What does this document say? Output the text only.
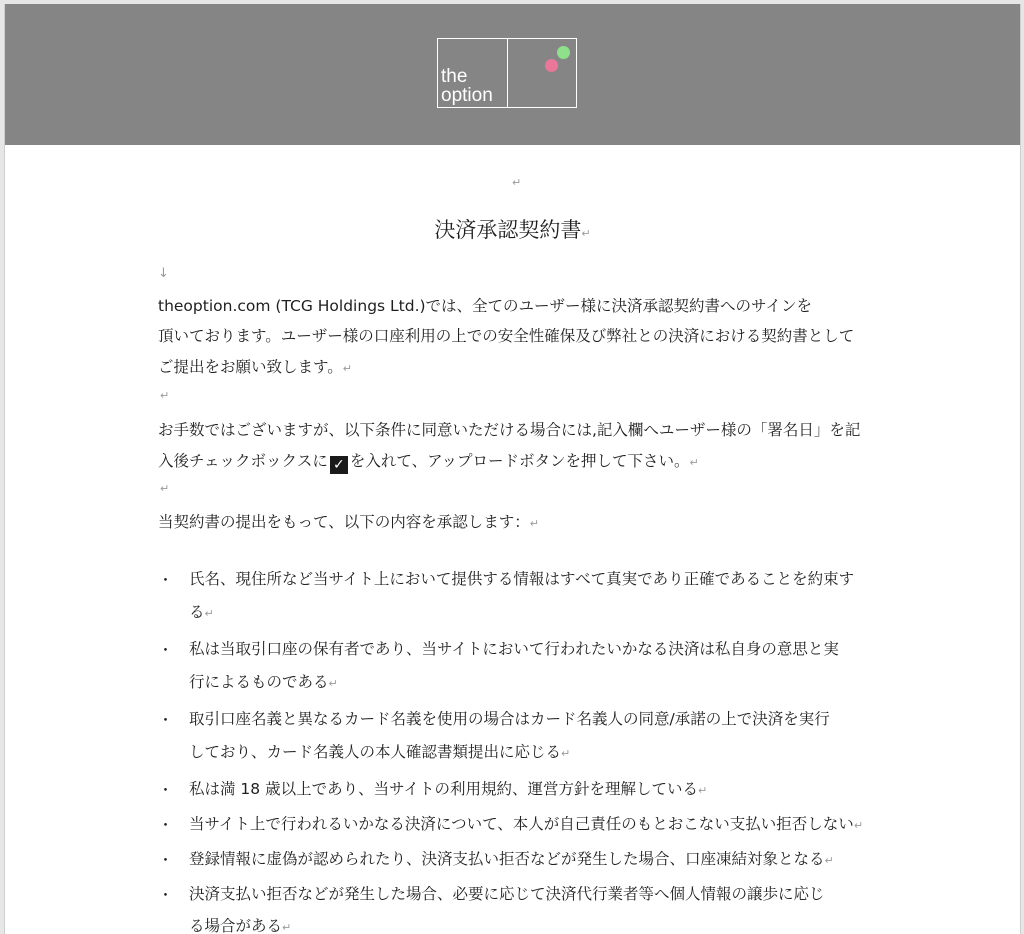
the
option
↵
決済承認契約書↵
↓
theoption.com (TCG Holdings Ltd.)では、全てのユーザー様に決済承認契約書へのサインを
頂いております。ユーザー様の口座利用の上での安全性確保及び弊社との決済における契約書として
ご提出をお願い致します。↵
↵
お手数ではございますが、以下条件に同意いただける場合には,記入欄へユーザー様の「署名日」を記
入後チェックボックスに ✓ を入れて、アップロードボタンを押して下さい。↵
↵
当契約書の提出をもって、以下の内容を承認します：↵
・ 氏名、現住所など当サイト上において提供する情報はすべて真実であり正確であることを約束す
る↵
・ 私は当取引口座の保有者であり、当サイトにおいて行われたいかなる決済は私自身の意思と実
行によるものである↵
・ 取引口座名義と異なるカード名義を使用の場合はカード名義人の同意/承諾の上で決済を実行
しており、カード名義人の本人確認書類提出に応じる↵
・ 私は満 18 歳以上であり、当サイトの利用規約、運営方針を理解している↵
・ 当サイト上で行われるいかなる決済について、本人が自己責任のもとおこない支払い拒否しない↵
・ 登録情報に虚偽が認められたり、決済支払い拒否などが発生した場合、口座凍結対象となる↵
・ 決済支払い拒否などが発生した場合、必要に応じて決済代行業者等へ個人情報の譲歩に応じ
る場合がある↵
